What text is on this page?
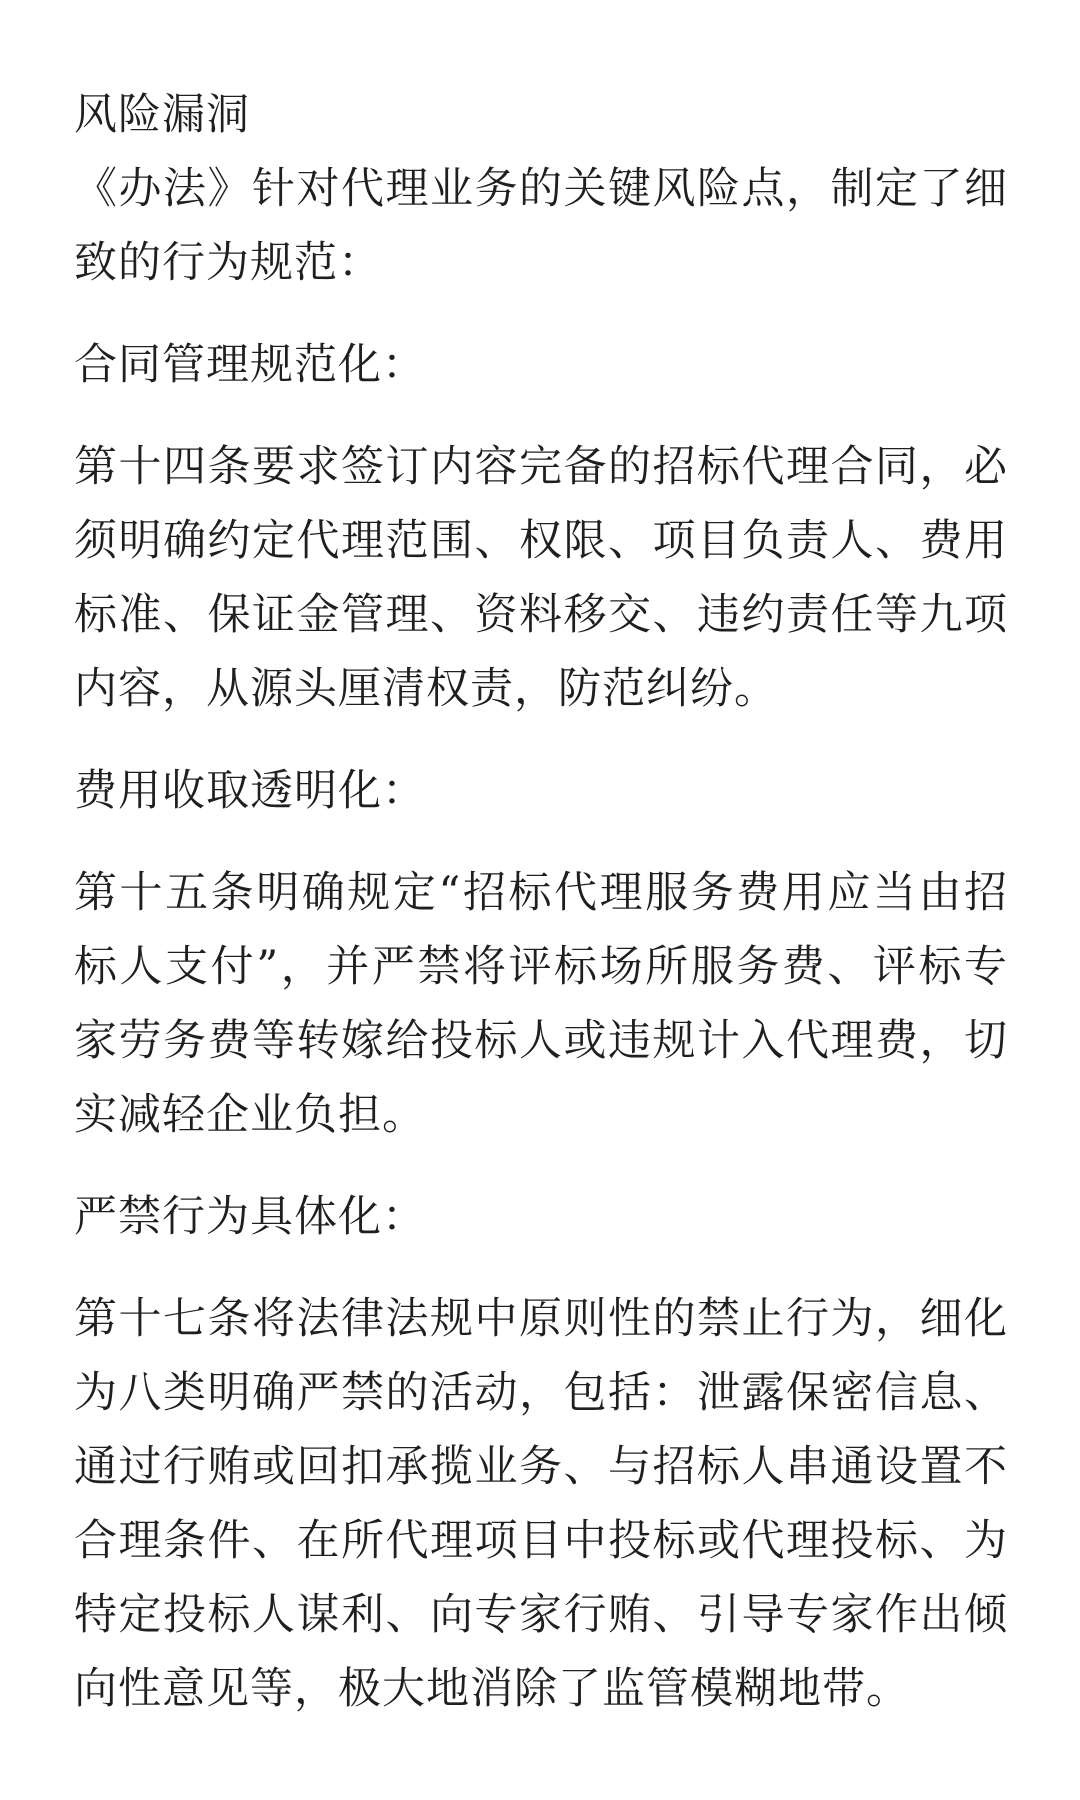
风险漏洞

《办法》针对代理业务的关键风险点，制定了细致的行为规范：

合同管理规范化：

第十四条要求签订内容完备的招标代理合同，必须明确约定代理范围、权限、项目负责人、费用标准、保证金管理、资料移交、违约责任等九项内容，从源头厘清权责，防范纠纷。

费用收取透明化：

第十五条明确规定“招标代理服务费用应当由招标人支付”，并严禁将评标场所服务费、评标专家劳务费等转嫁给投标人或违规计入代理费，切实减轻企业负担。

严禁行为具体化：

第十七条将法律法规中原则性的禁止行为，细化为八类明确严禁的活动，包括：泄露保密信息、通过行贿或回扣承揽业务、与招标人串通设置不合理条件、在所代理项目中投标或代理投标、为特定投标人谋利、向专家行贿、引导专家作出倾向性意见等，极大地消除了监管模糊地带。
